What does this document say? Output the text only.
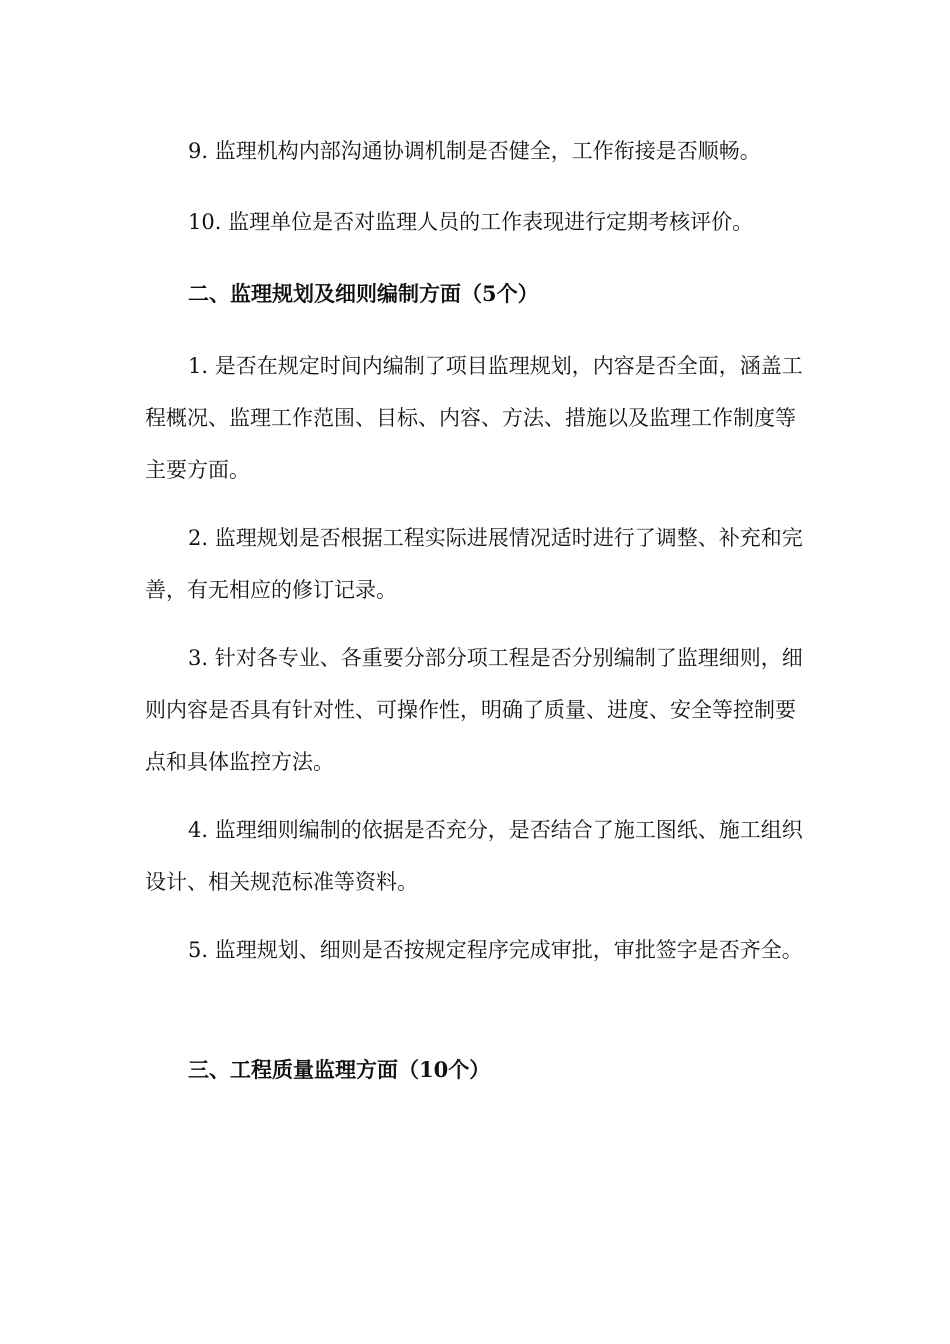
9. 监理机构内部沟通协调机制是否健全，工作衔接是否顺畅。

10. 监理单位是否对监理人员的工作表现进行定期考核评价。

二、监理规划及细则编制方面（5个）

1. 是否在规定时间内编制了项目监理规划，内容是否全面，涵盖工程概况、监理工作范围、目标、内容、方法、措施以及监理工作制度等主要方面。

2. 监理规划是否根据工程实际进展情况适时进行了调整、补充和完善，有无相应的修订记录。

3. 针对各专业、各重要分部分项工程是否分别编制了监理细则，细则内容是否具有针对性、可操作性，明确了质量、进度、安全等控制要点和具体监控方法。

4. 监理细则编制的依据是否充分，是否结合了施工图纸、施工组织设计、相关规范标准等资料。

5. 监理规划、细则是否按规定程序完成审批，审批签字是否齐全。

三、工程质量监理方面（10个）
